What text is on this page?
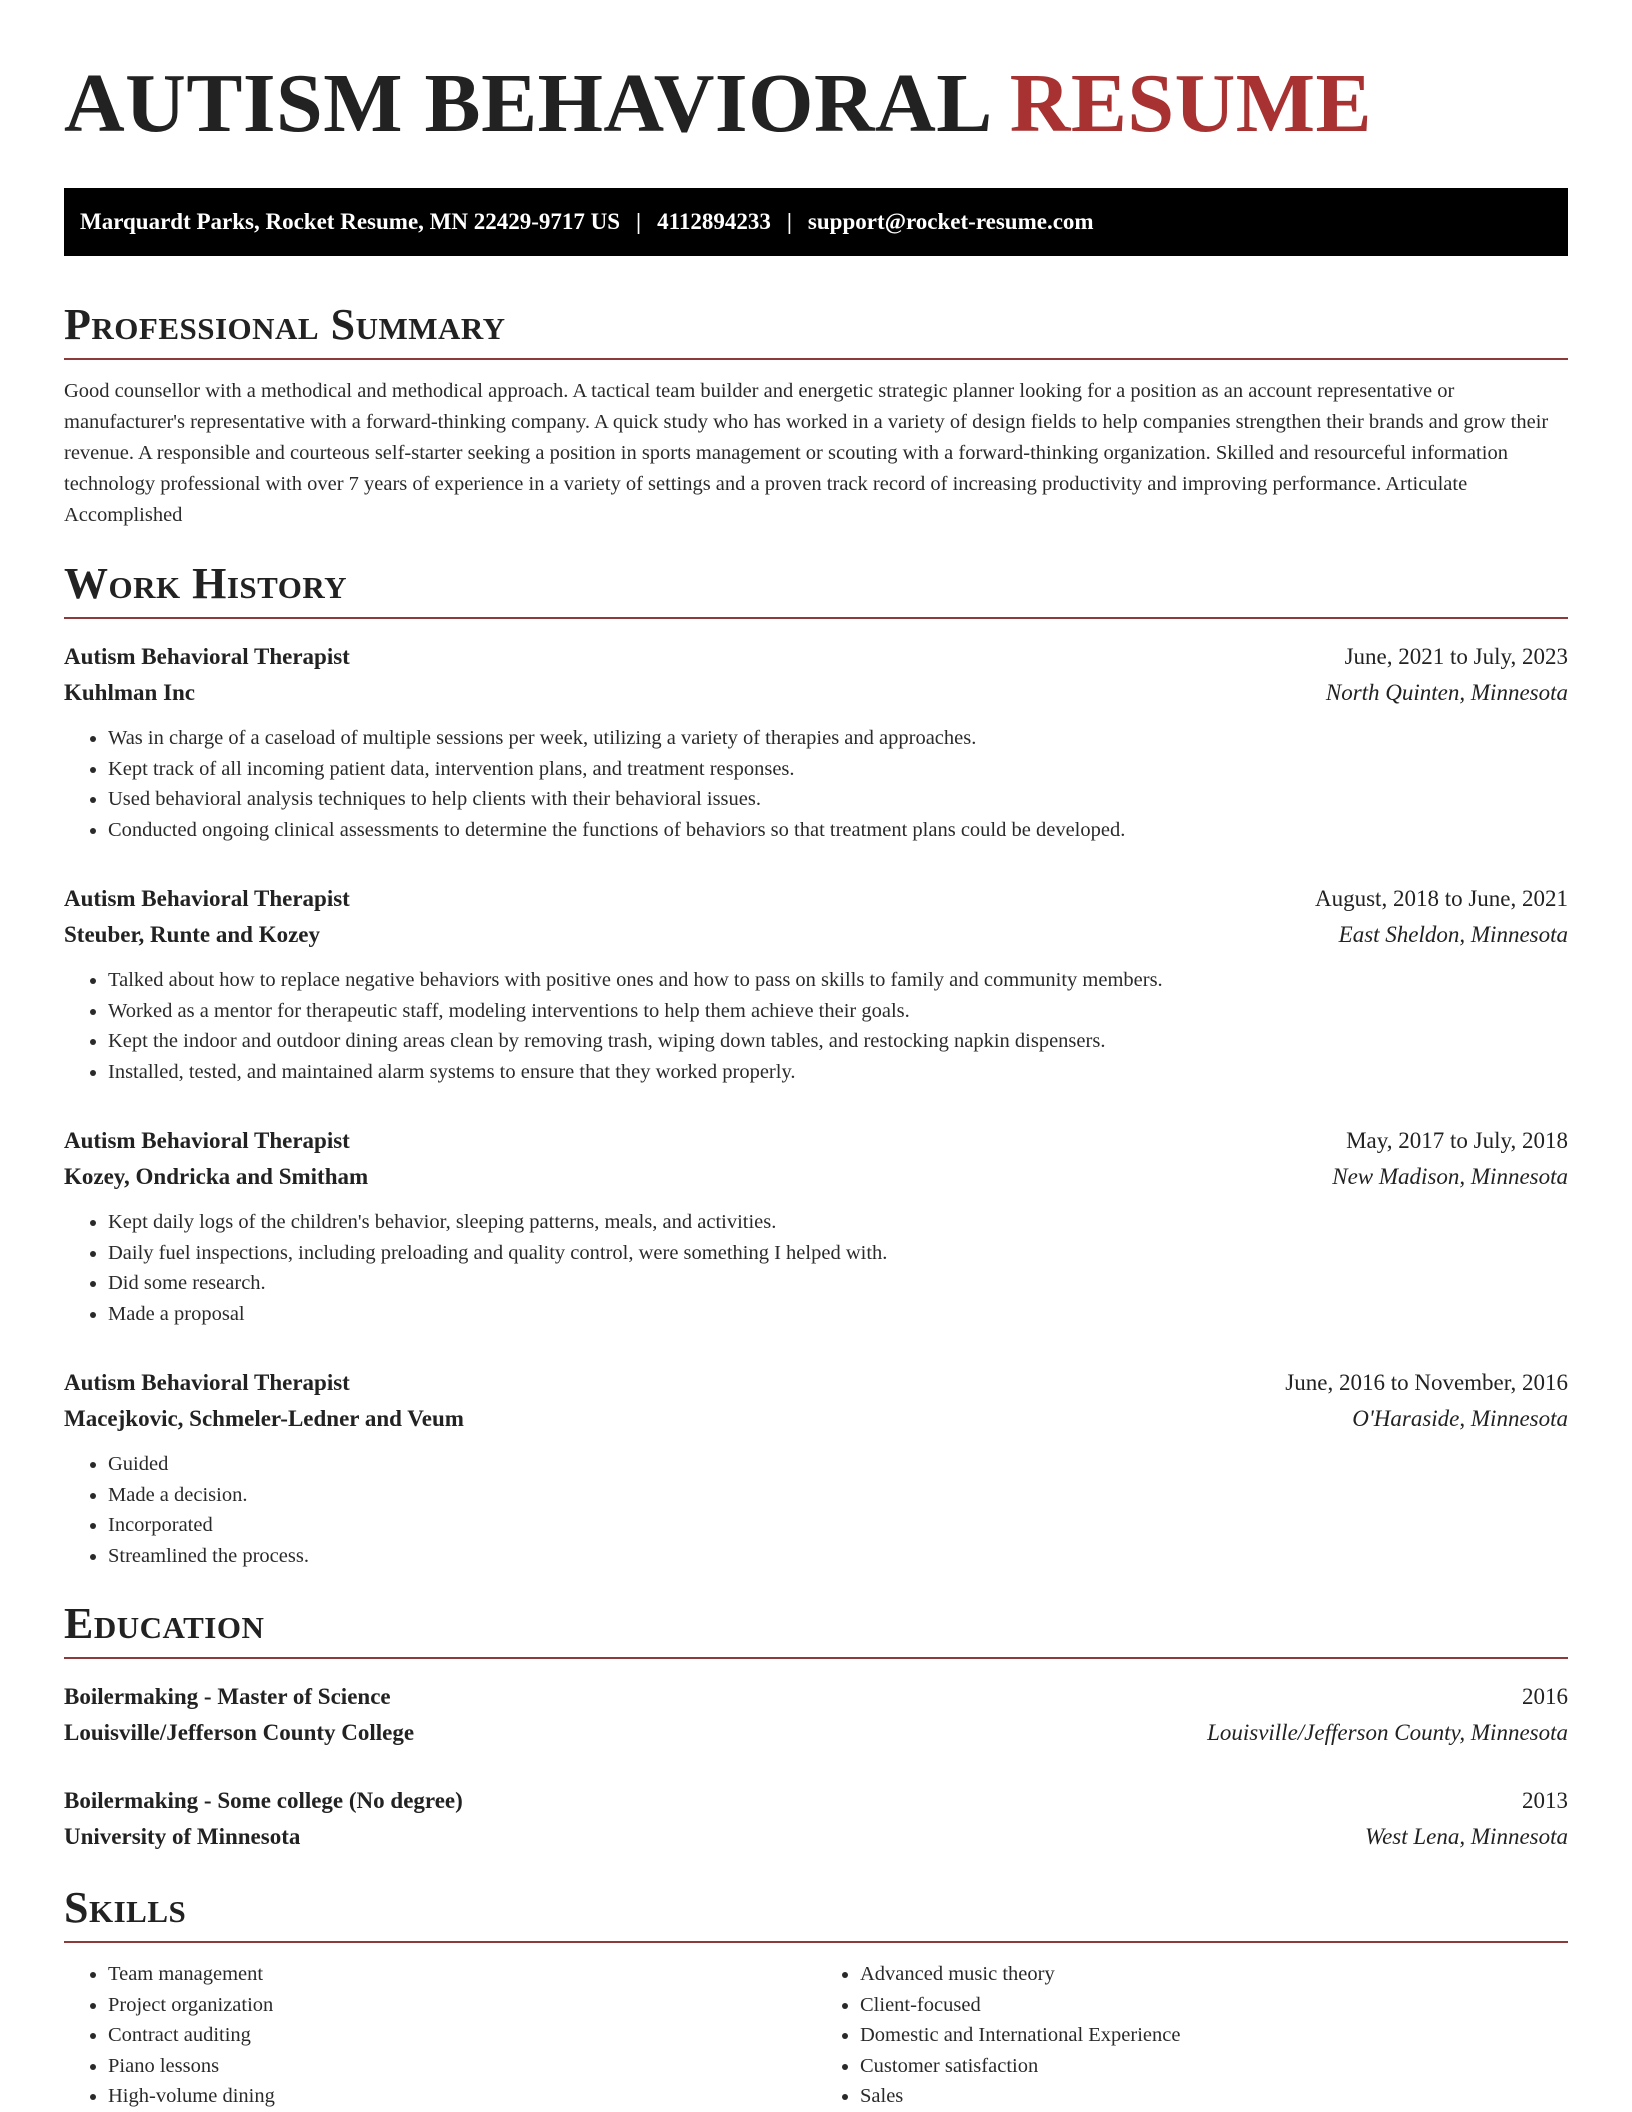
AUTISM BEHAVIORAL RESUME
Marquardt Parks, Rocket Resume, MN 22429-9717 US | 4112894233 | support@rocket-resume.com
Professional Summary
Good counsellor with a methodical and methodical approach. A tactical team builder and energetic strategic planner looking for a position as an account representative or manufacturer's representative with a forward-thinking company. A quick study who has worked in a variety of design fields to help companies strengthen their brands and grow their revenue. A responsible and courteous self-starter seeking a position in sports management or scouting with a forward-thinking organization. Skilled and resourceful information technology professional with over 7 years of experience in a variety of settings and a proven track record of increasing productivity and improving performance. Articulate Accomplished
Work History
Autism Behavioral Therapist	June, 2021 to July, 2023
Kuhlman Inc	North Quinten, Minnesota
• Was in charge of a caseload of multiple sessions per week, utilizing a variety of therapies and approaches.
• Kept track of all incoming patient data, intervention plans, and treatment responses.
• Used behavioral analysis techniques to help clients with their behavioral issues.
• Conducted ongoing clinical assessments to determine the functions of behaviors so that treatment plans could be developed.
Autism Behavioral Therapist	August, 2018 to June, 2021
Steuber, Runte and Kozey	East Sheldon, Minnesota
• Talked about how to replace negative behaviors with positive ones and how to pass on skills to family and community members.
• Worked as a mentor for therapeutic staff, modeling interventions to help them achieve their goals.
• Kept the indoor and outdoor dining areas clean by removing trash, wiping down tables, and restocking napkin dispensers.
• Installed, tested, and maintained alarm systems to ensure that they worked properly.
Autism Behavioral Therapist	May, 2017 to July, 2018
Kozey, Ondricka and Smitham	New Madison, Minnesota
• Kept daily logs of the children's behavior, sleeping patterns, meals, and activities.
• Daily fuel inspections, including preloading and quality control, were something I helped with.
• Did some research.
• Made a proposal
Autism Behavioral Therapist	June, 2016 to November, 2016
Macejkovic, Schmeler-Ledner and Veum	O'Haraside, Minnesota
• Guided
• Made a decision.
• Incorporated
• Streamlined the process.
Education
Boilermaking - Master of Science	2016
Louisville/Jefferson County College	Louisville/Jefferson County, Minnesota
Boilermaking - Some college (No degree)	2013
University of Minnesota	West Lena, Minnesota
Skills
• Team management
• Project organization
• Contract auditing
• Piano lessons
• High-volume dining
• Advanced music theory
• Client-focused
• Domestic and International Experience
• Customer satisfaction
• Sales
